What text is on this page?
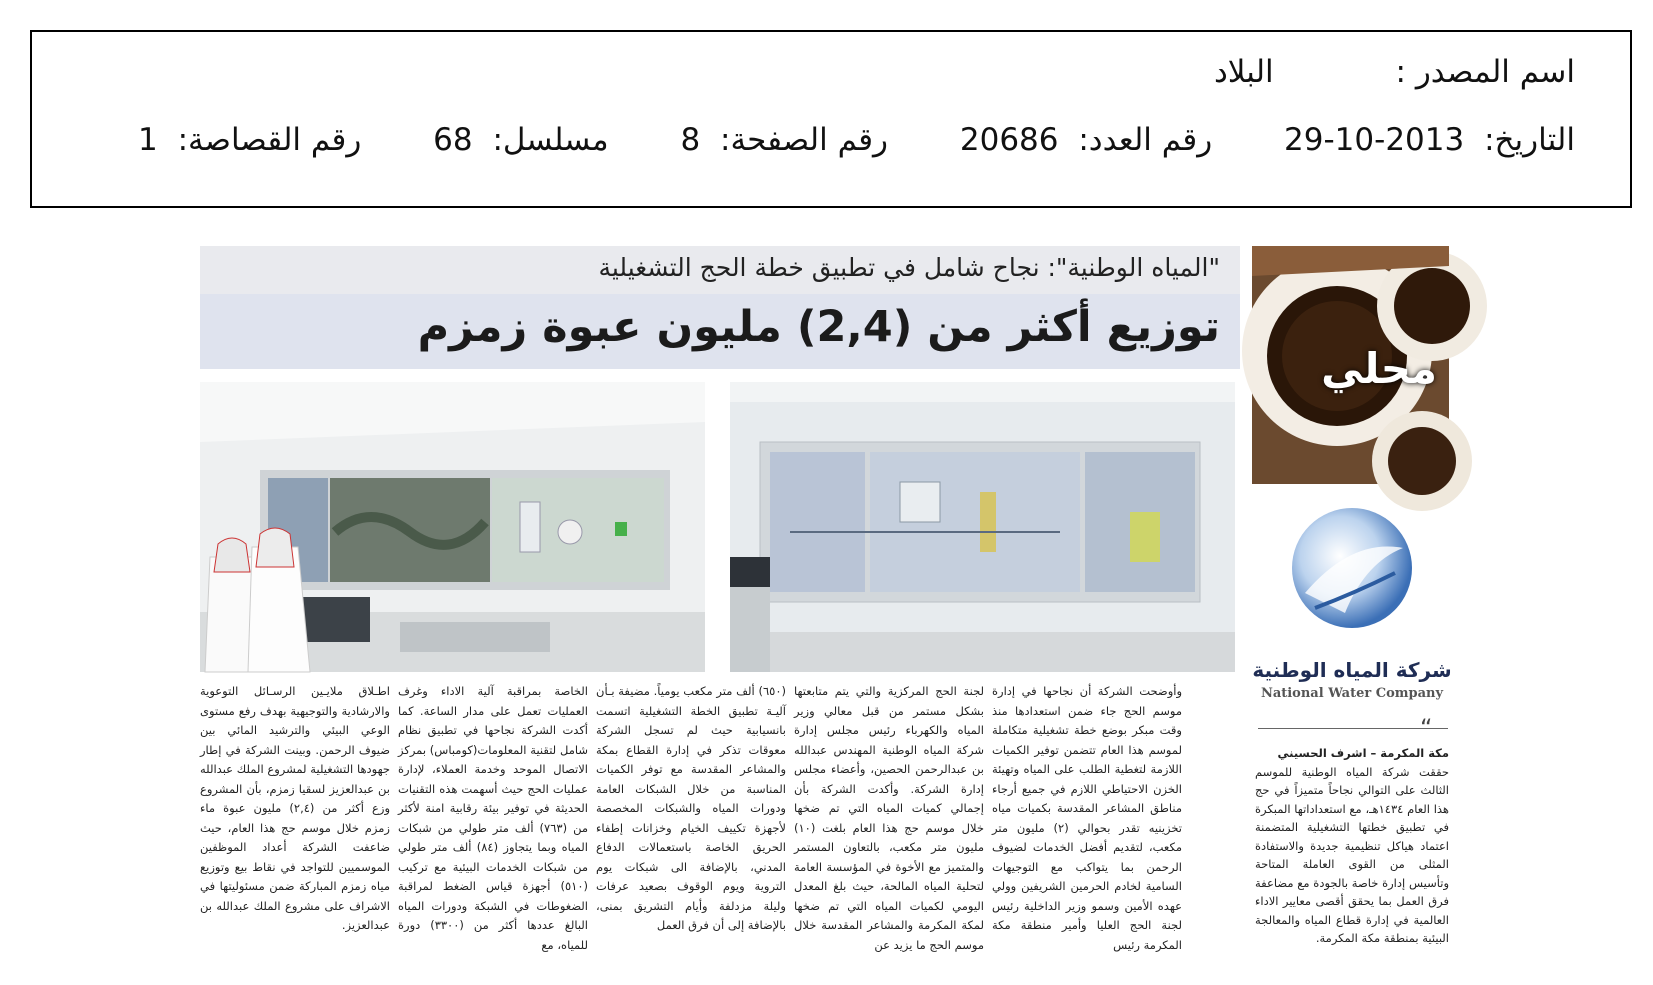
اسم المصدر : البلاد
التاريخ: 2013-10-29 رقم العدد: 20686 رقم الصفحة: 8 مسلسل: 68 رقم القصاصة: 1
"المياه الوطنية": نجاح شامل في تطبيق خطة الحج التشغيلية
توزيع أكثر من (2,4) مليون عبوة زمزم
وأوضحت الشركة أن نجاحها في إدارة موسم الحج جاء ضمن استعدادها منذ وقت مبكر بوضع خطة تشغيلية متكاملة لموسم هذا العام تتضمن توفير الكميات اللازمة لتغطية الطلب على المياه وتهيئة الخزن الاحتياطي اللازم في جميع أرجاء مناطق المشاعر المقدسة بكميات مياه تخزينيه تقدر بحوالي (٢) مليون متر مكعب، لتقديم أفضل الخدمات لضيوف الرحمن بما يتواكب مع التوجيهات السامية لخادم الحرمين الشريفين وولي عهده الأمين وسمو وزير الداخلية رئيس لجنة الحج العليا وأمير منطقة مكة المكرمة رئيس
لجنة الحج المركزية والتي يتم متابعتها بشكل مستمر من قبل معالي وزير المياه والكهرباء رئيس مجلس إدارة شركة المياه الوطنية المهندس عبدالله بن عبدالرحمن الحصين، وأعضاء مجلس إدارة الشركة. وأكدت الشركة بأن إجمالي كميات المياه التي تم ضخها خلال موسم حج هذا العام بلغت (١٠) مليون متر مكعب، بالتعاون المستمر والمتميز مع الأخوة في المؤسسة العامة لتحلية المياه المالحة، حيث بلغ المعدل اليومي لكميات المياه التي تم ضخها لمكة المكرمة والمشاعر المقدسة خلال موسم الحج ما يزيد عن
(٦٥٠) ألف متر مكعب يومياً. مضيفة بـأن آليـة تطبيق الخطة التشغيلية اتسمت بانسيابية حيث لم تسجل الشركة معوقات تذكر في إدارة القطاع بمكة والمشاعر المقدسة مع توفر الكميات المناسبة من خلال الشبكات العامة ودورات المياه والشبكات المخصصة لأجهزة تكييف الخيام وخزانات إطفاء الحريق الخاصة باستعمالات الدفاع المدني، بالإضافة الى شبكات يوم التروية ويوم الوقوف بصعيد عرفات وليلة مزدلفة وأيام التشريق بمنى، بالإضافة إلى أن فرق العمل
الخاصة بمراقبة آلية الاداء وغرف العمليات تعمل على مدار الساعة. كما أكدت الشركة نجاحها في تطبيق نظام شامل لتقنية المعلومات(كومباس) بمركز الاتصال الموحد وخدمة العملاء، لإدارة عمليات الحج حيث أسهمت هذه التقنيات الحديثة في توفير بيئة رقابية امنة لأكثر من (٧٦٣) ألف متر طولي من شبكات المياه وبما يتجاوز (٨٤) ألف متر طولي من شبكات الخدمات البيئية مع تركيب (٥١٠) أجهزة قياس الضغط لمراقبة الضغوطات في الشبكة ودورات المياه البالغ عددها أكثر من (٣٣٠٠) دورة للمياه، مع
اطـلاق ملايـين الرسـائل التوعوية والارشادية والتوجيهية بهدف رفع مستوى الوعي البيئي والترشيد المائي بين ضيوف الرحمن. وبينت الشركة في إطار جهودها التشغيلية لمشروع الملك عبدالله بن عبدالعزيز لسقيا زمزم، بأن المشروع وزع أكثر من (٢,٤) مليون عبوة ماء زمزم خلال موسم حج هذا العام، حيث ضاعفت الشركة أعداد الموظفين الموسميين للتواجد في نقاط بيع وتوزيع مياه زمزم المباركة ضمن مسئوليتها في الاشراف على مشروع الملك عبدالله بن عبدالعزيز.
محلي
شركة المياه الوطنية
National Water Company
“
مكة المكرمة – اشرف الحسيني
حققت شركة المياه الوطنية للموسم الثالث على التوالي نجاحاً متميزاً في حج هذا العام ١٤٣٤هـ، مع استعداداتها المبكرة في تطبيق خطتها التشغيلية المتضمنة اعتماد هياكل تنظيمية جديدة والاستفادة المثلى من القوى العاملة المتاحة وتأسيس إدارة خاصة بالجودة مع مضاعفة فرق العمل بما يحقق أقصى معايير الاداء العالمية في إدارة قطاع المياه والمعالجة البيئية بمنطقة مكة المكرمة.
